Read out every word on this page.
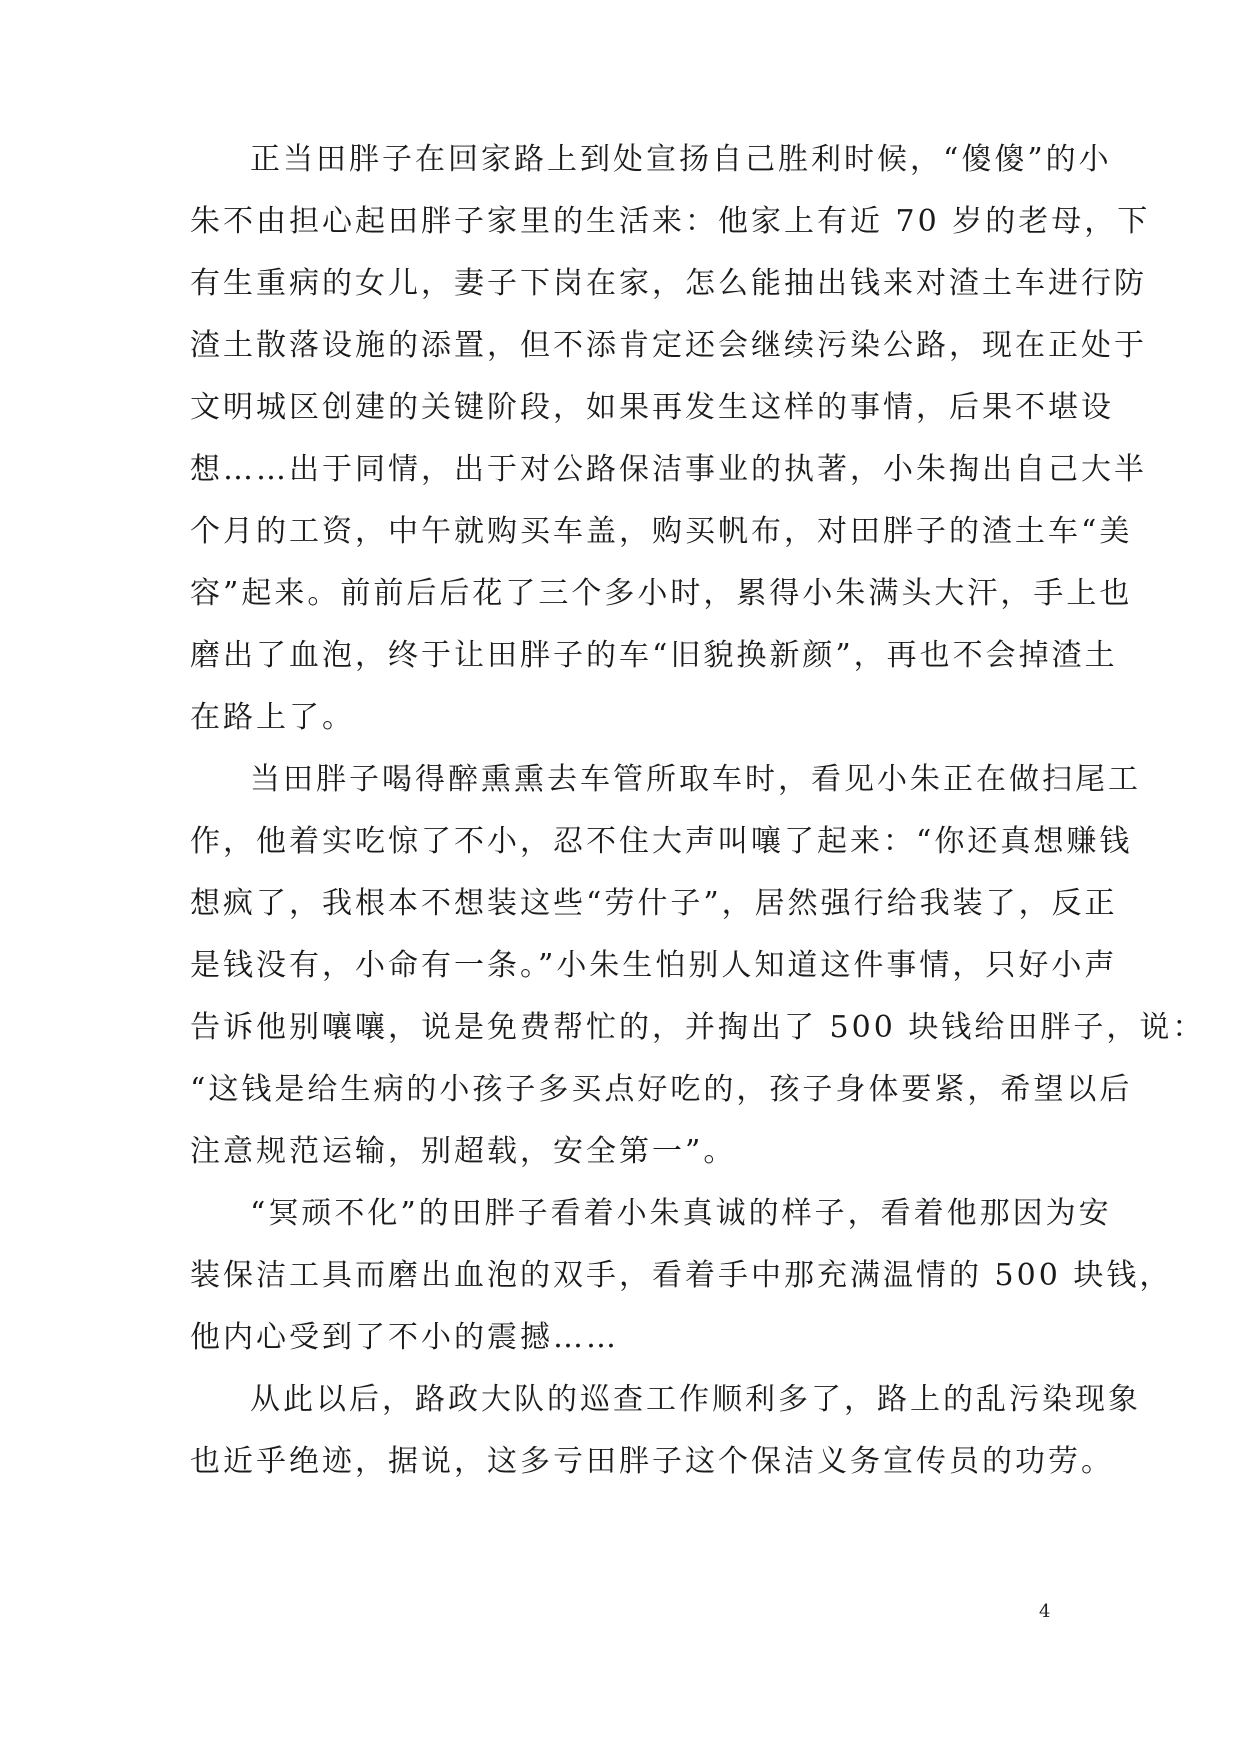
正当田胖子在回家路上到处宣扬自己胜利时候，“傻傻”的小
朱不由担心起田胖子家里的生活来：他家上有近 70 岁的老母，下
有生重病的女儿，妻子下岗在家，怎么能抽出钱来对渣土车进行防
渣土散落设施的添置，但不添肯定还会继续污染公路，现在正处于
文明城区创建的关键阶段，如果再发生这样的事情，后果不堪设
想……出于同情，出于对公路保洁事业的执著，小朱掏出自己大半
个月的工资，中午就购买车盖，购买帆布，对田胖子的渣土车“美
容”起来。前前后后花了三个多小时，累得小朱满头大汗，手上也
磨出了血泡，终于让田胖子的车“旧貌换新颜”，再也不会掉渣土
在路上了。
当田胖子喝得醉熏熏去车管所取车时，看见小朱正在做扫尾工
作，他着实吃惊了不小，忍不住大声叫嚷了起来：“你还真想赚钱
想疯了，我根本不想装这些“劳什子”，居然强行给我装了，反正
是钱没有，小命有一条。”小朱生怕别人知道这件事情，只好小声
告诉他别嚷嚷，说是免费帮忙的，并掏出了 500 块钱给田胖子，说：
“这钱是给生病的小孩子多买点好吃的，孩子身体要紧，希望以后
注意规范运输，别超载，安全第一”。
“冥顽不化”的田胖子看着小朱真诚的样子，看着他那因为安
装保洁工具而磨出血泡的双手，看着手中那充满温情的 500 块钱，
他内心受到了不小的震撼……
从此以后，路政大队的巡查工作顺利多了，路上的乱污染现象
也近乎绝迹，据说，这多亏田胖子这个保洁义务宣传员的功劳。
4
